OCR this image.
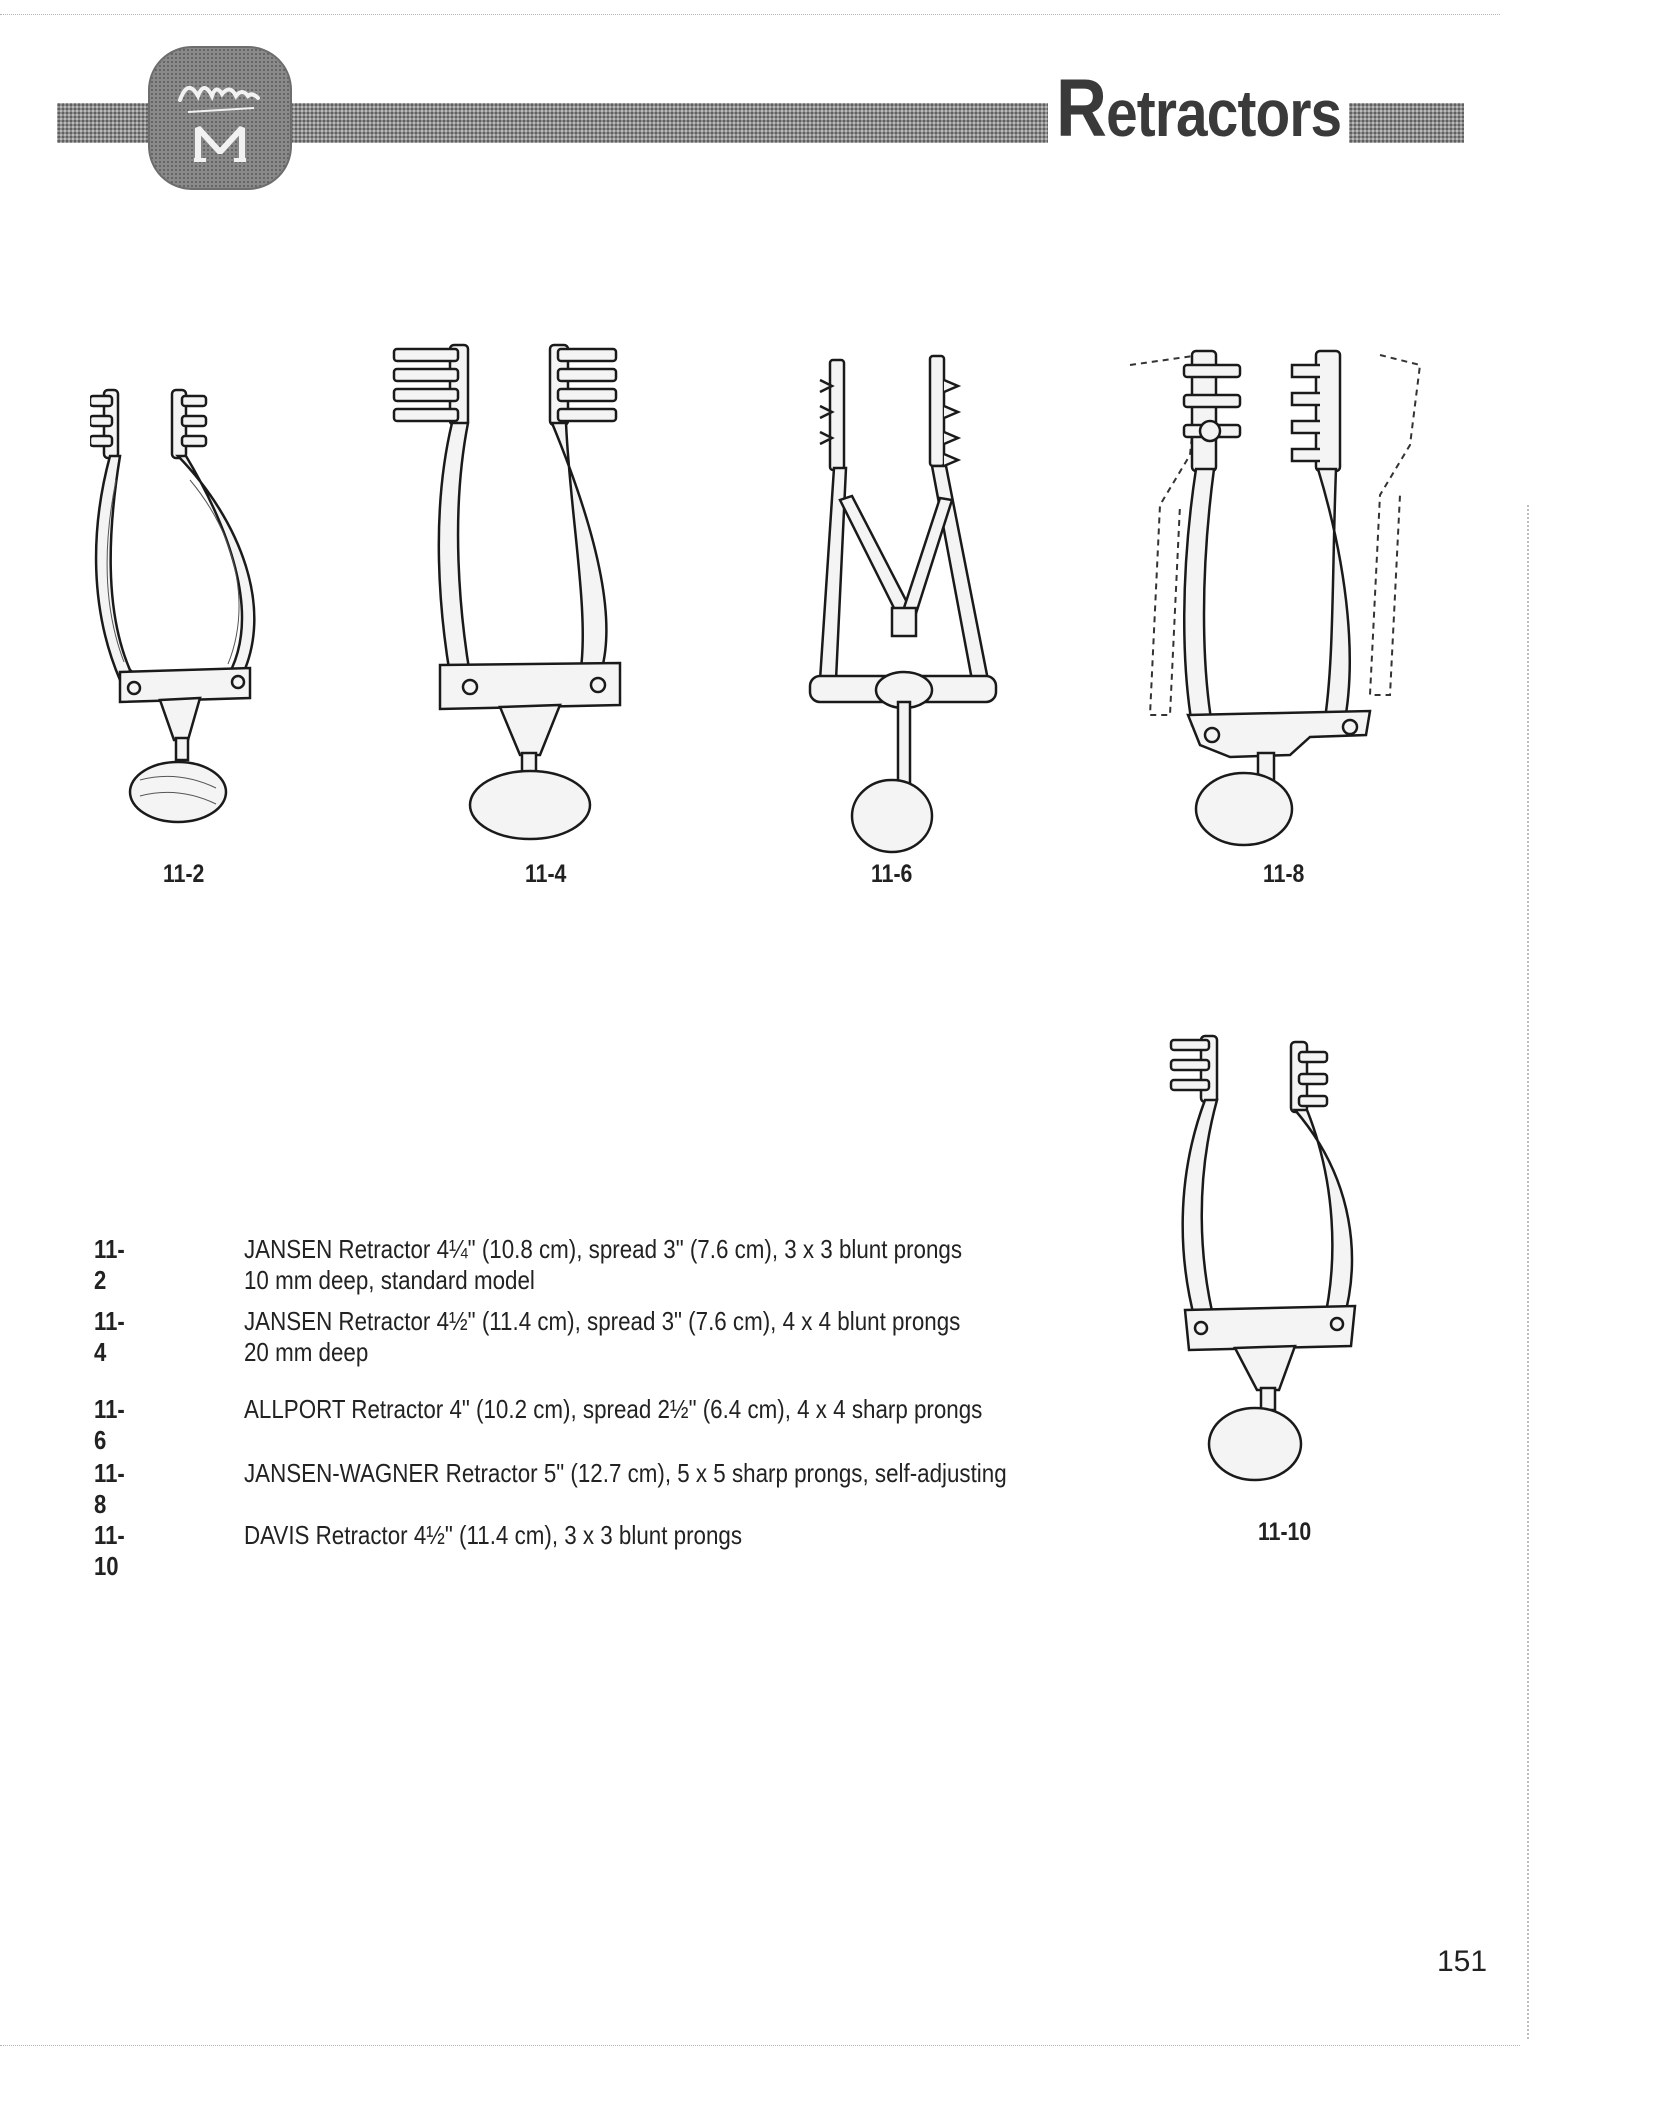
Retractors
11-2	11-4	11-6	11-8
11-10
11-2
JANSEN Retractor 4¼" (10.8 cm), spread 3" (7.6 cm), 3 x 3 blunt prongs
10 mm deep, standard model
11-4
JANSEN Retractor 4½" (11.4 cm), spread 3" (7.6 cm), 4 x 4 blunt prongs
20 mm deep
11-6
ALLPORT Retractor 4" (10.2 cm), spread 2½" (6.4 cm), 4 x 4 sharp prongs
11-8
JANSEN-WAGNER Retractor 5" (12.7 cm), 5 x 5 sharp prongs, self-adjusting
11-10
DAVIS Retractor 4½" (11.4 cm), 3 x 3 blunt prongs
151
